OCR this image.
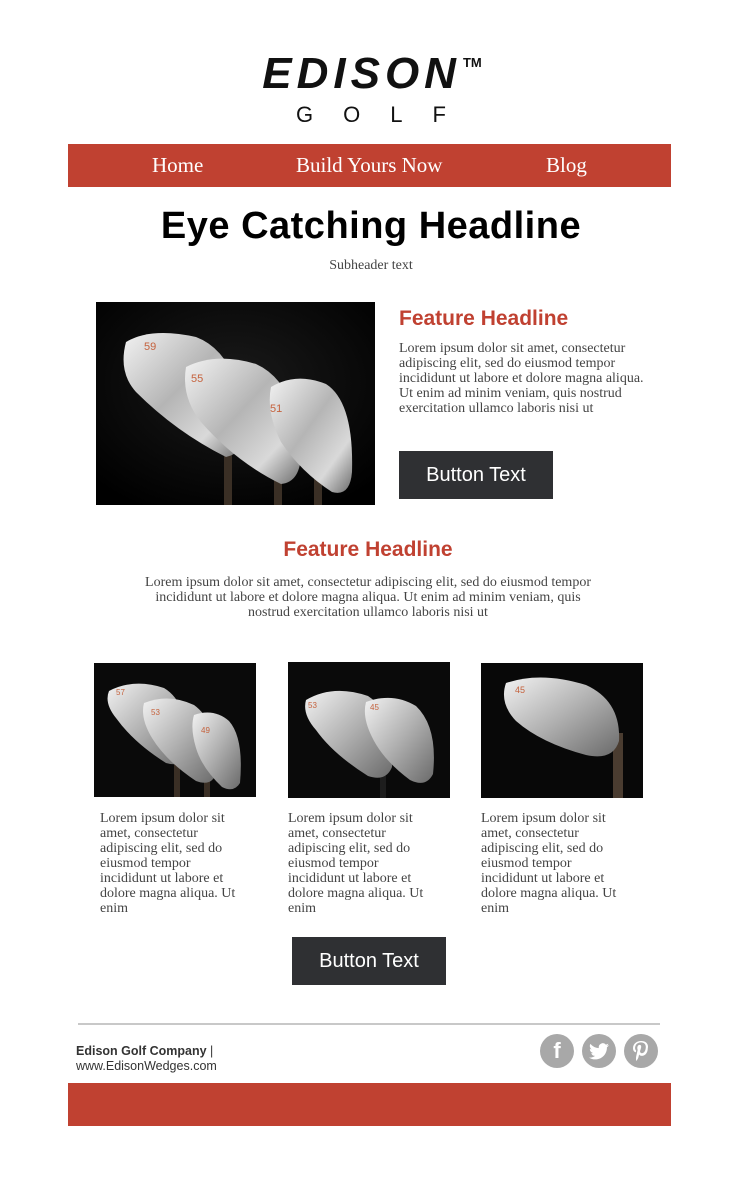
EDISON ™
GOLF
Home	Build Yours Now	Blog
Eye Catching Headline
Subheader text
59
55
51
Feature Headline
Lorem ipsum dolor sit amet, consectetur adipiscing elit, sed do eiusmod tempor incididunt ut labore et dolore magna aliqua. Ut enim ad minim veniam, quis nostrud exercitation ullamco laboris nisi ut
Button Text
Feature Headline
Lorem ipsum dolor sit amet, consectetur adipiscing elit, sed do eiusmod tempor incididunt ut labore et dolore magna aliqua. Ut enim ad minim veniam, quis nostrud exercitation ullamco laboris nisi ut
57
53
49
53	45
45
Lorem ipsum dolor sit amet, consectetur adipiscing elit, sed do eiusmod tempor incididunt ut labore et dolore magna aliqua. Ut enim
Lorem ipsum dolor sit amet, consectetur adipiscing elit, sed do eiusmod tempor incididunt ut labore et dolore magna aliqua. Ut enim
Lorem ipsum dolor sit amet, consectetur adipiscing elit, sed do eiusmod tempor incididunt ut labore et dolore magna aliqua. Ut enim
Button Text
Edison Golf Company |
www.EdisonWedges.com
f
